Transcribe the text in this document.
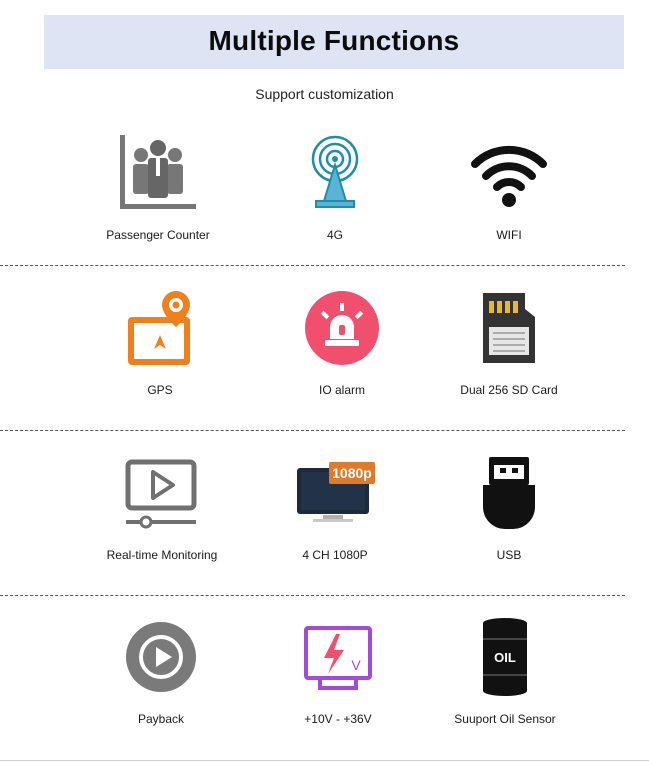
Multiple Functions
Support customization
Passenger Counter	4G	WIFI
GPS	IO alarm	Dual 256 SD Card
Real-time Monitoring
1080p
4 CH 1080P	USB
Payback
V
+10V - +36V
OIL
Suuport Oil Sensor
